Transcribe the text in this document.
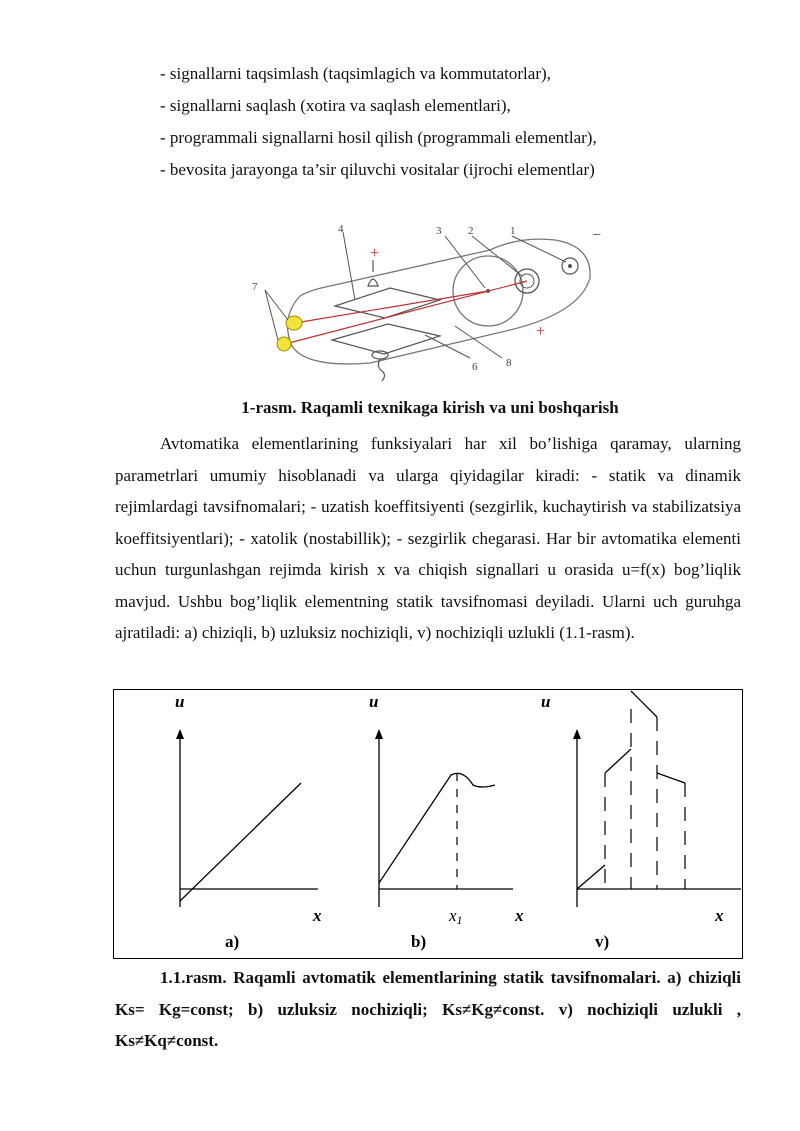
- signallarni taqsimlash (taqsimlagich va kommutatorlar),
- signallarni saqlash (xotira va saqlash elementlari),
- programmali signallarni hosil qilish (programmali elementlar),
- bevosita jarayonga ta’sir qiluvchi vositalar (ijrochi elementlar)
4	3 2	1
7
6	8
+
+
−
1-rasm. Raqamli texnikaga kirish va uni boshqarish
Avtomatika elementlarining funksiyalari har xil bo’lishiga qaramay, ularning parametrlari umumiy hisoblanadi va ularga qiyidagilar kiradi: - statik va dinamik rejimlardagi tavsifnomalari; - uzatish koeffitsiyenti (sezgirlik, kuchaytirish va stabilizatsiya koeffitsiyentlari); - xatolik (nostabillik); - sezgirlik chegarasi. Har bir avtomatika elementi uchun turgunlashgan rejimda kirish x va chiqish signallari u orasida u=f(x) bog’liqlik mavjud. Ushbu bog’liqlik elementning statik tavsifnomasi deyiladi. Ularni uch guruhga ajratiladi: a) chiziqli, b) uzluksiz nochiziqli, v) nochiziqli uzlukli (1.1-rasm).
u
x
a)
u
x
x1
b)
u
x
v)
1.1.rasm. Raqamli avtomatik elementlarining statik tavsifnomalari. a) chiziqli Ks= Kg=const; b) uzluksiz nochiziqli; Ks≠Kg≠const. v) nochiziqli uzlukli , Ks≠Kq≠const.
